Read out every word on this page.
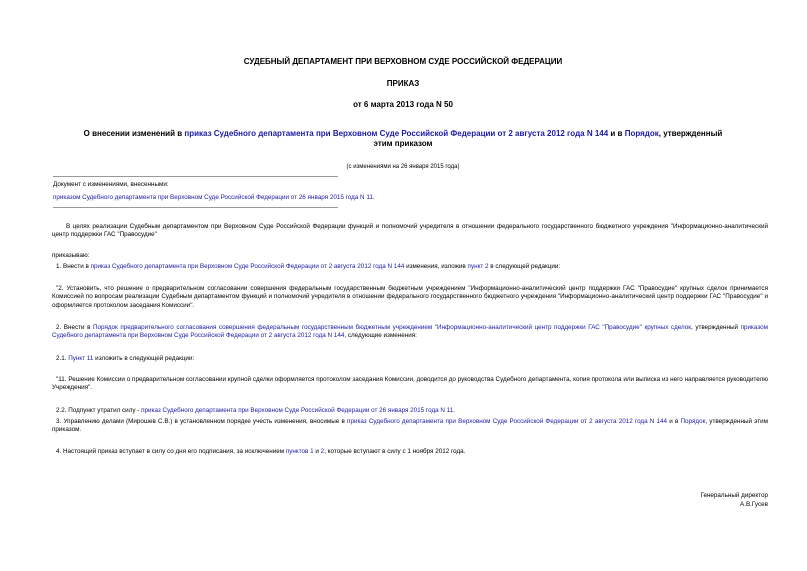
СУДЕБНЫЙ ДЕПАРТАМЕНТ ПРИ ВЕРХОВНОМ СУДЕ РОССИЙСКОЙ ФЕДЕРАЦИИ
ПРИКАЗ
от 6 марта 2013 года N 50
О внесении изменений в приказ Судебного департамента при Верховном Суде Российской Федерации от 2 августа 2012 года N 144 и в Порядок, утвержденный
этим приказом
(с изменениями на 26 января 2015 года)
Документ с изменениями, внесенными:
приказом Судебного департамента при Верховном Суде Российской Федерации от 26 января 2015 года N 11.
В целях реализации Судебным департаментом при Верховном Суде Российской Федерации функций и полномочий учредителя в отношении федерального государственного бюджетного учреждения "Информационно-аналитический центр поддержки ГАС "Правосудие"
приказываю:
1. Внести в приказ Судебного департамента при Верховном Суде Российской Федерации от 2 августа 2012 года N 144 изменения, изложив пункт 2 в следующей редакции:
"2. Установить, что решение о предварительном согласовании совершения федеральным государственным бюджетным учреждением "Информационно-аналитический центр поддержки ГАС "Правосудие" крупных сделок принимается Комиссией по вопросам реализации Судебным департаментом функций и полномочий учредителя в отношении федерального государственного бюджетного учреждения "Информационно-аналитический центр поддержки ГАС "Правосудие" и оформляется протоколом заседания Комиссии".
2. Внести в Порядок предварительного согласования совершения федеральным государственным бюджетным учреждением "Информационно-аналитический центр поддержки ГАС "Правосудие" крупных сделок, утвержденный приказом Судебного департамента при Верховном Суде Российской Федерации от 2 августа 2012 года N 144, следующие изменения:
2.1. Пункт 11 изложить в следующей редакции:
"11. Решение Комиссии о предварительном согласовании крупной сделки оформляется протоколом заседания Комиссии, доводится до руководства Судебного департамента, копия протокола или выписка из него направляется руководителю Учреждения".
2.2. Подпункт утратил силу - приказ Судебного департамента при Верховном Суде Российской Федерации от 26 января 2015 года N 11.
3. Управлению делами (Мирошев С.В.) в установленном порядке учесть изменения, вносимые в приказ Судебного департамента при Верховном Суде Российской Федерации от 2 августа 2012 года N 144 и в Порядок, утвержденный этим приказом.
4. Настоящий приказ вступает в силу со дня его подписания, за исключением пунктов 1 и 2, которые вступают в силу с 1 ноября 2012 года.
Генеральный директор
А.В.Гусев
